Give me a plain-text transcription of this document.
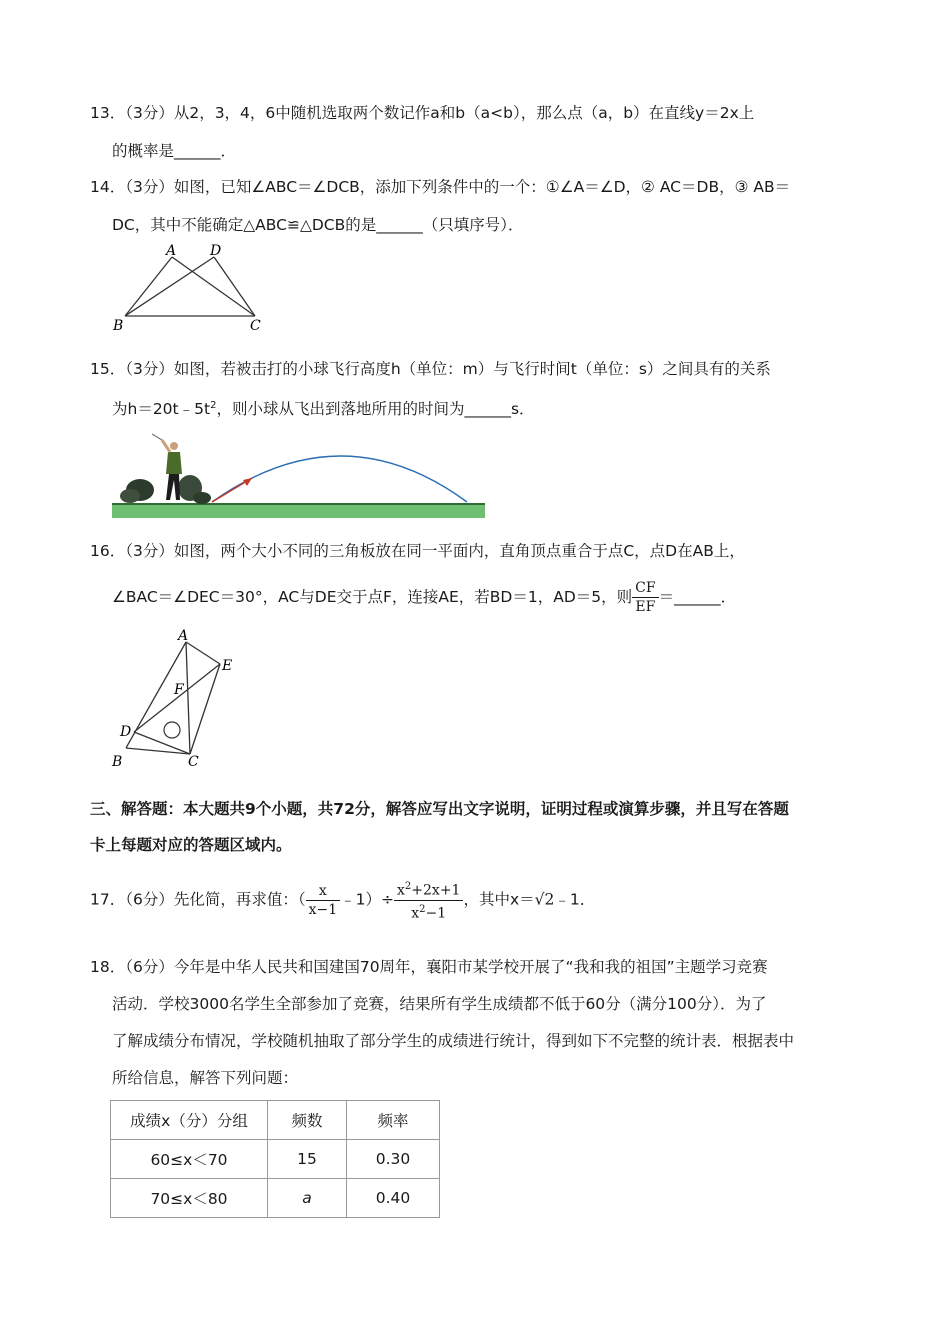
13．（3分）从2，3，4，6中随机选取两个数记作a和b（a<b），那么点（a，b）在直线y＝2x上
的概率是______．
14．（3分）如图，已知∠ABC＝∠DCB，添加下列条件中的一个：①∠A＝∠D，② AC＝DB，③ AB＝
DC，其中不能确定△ABC≌△DCB的是______（只填序号）．
A D
B	C
15．（3分）如图，若被击打的小球飞行高度h（单位：m）与飞行时间t（单位：s）之间具有的关系
为$h=20t﹣5t^2$，则小球从飞出到落地所用的时间为______s．
16．（3分）如图，两个大小不同的三角板放在同一平面内，直角顶点重合于点C，点D在AB上，
∠BAC＝∠DEC＝30°，AC与DE交于点F，连接AE，若BD＝1，AD＝5，则 $\frac{CF}{EF}$ ＝______．
A
E
F
D
B	C
三、解答题：本大题共9个小题，共72分，解答应写出文字说明，证明过程或演算步骤，并且写在答题
卡上每题对应的答题区域内。
17．（6分）先化简，再求值：（ $\frac{x}{x-1}$ ﹣1）÷ $\frac{x^2+2x+1}{x^2-1}$ ，其中x＝√2﹣1．
18．（6分）今年是中华人民共和国建国70周年，襄阳市某学校开展了“我和我的祖国”主题学习竞赛
活动．学校3000名学生全部参加了竞赛，结果所有学生成绩都不低于60分（满分100分）．为了
了解成绩分布情况，学校随机抽取了部分学生的成绩进行统计，得到如下不完整的统计表．根据表中
所给信息，解答下列问题：
成绩x（分）分组	频数	频率
60≤x＜70	15	0.30
70≤x＜80	a	0.40
